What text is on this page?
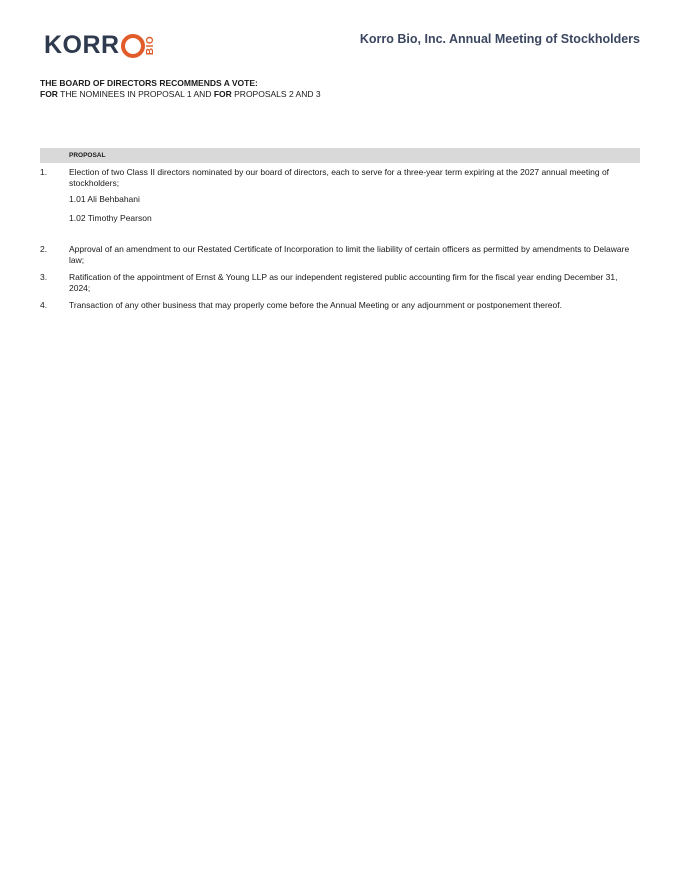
KORR	BIO	Korro Bio, Inc. Annual Meeting of Stockholders
THE BOARD OF DIRECTORS RECOMMENDS A VOTE:
FOR THE NOMINEES IN PROPOSAL 1 AND FOR PROPOSALS 2 AND 3
PROPOSAL
1.	Election of two Class II directors nominated by our board of directors, each to serve for a three-year term expiring at the 2027 annual meeting of stockholders;
1.01 Ali Behbahani
1.02 Timothy Pearson
2.	Approval of an amendment to our Restated Certificate of Incorporation to limit the liability of certain officers as permitted by amendments to Delaware law;
3.	Ratification of the appointment of Ernst & Young LLP as our independent registered public accounting firm for the fiscal year ending December 31, 2024;
4.	Transaction of any other business that may properly come before the Annual Meeting or any adjournment or postponement thereof.
